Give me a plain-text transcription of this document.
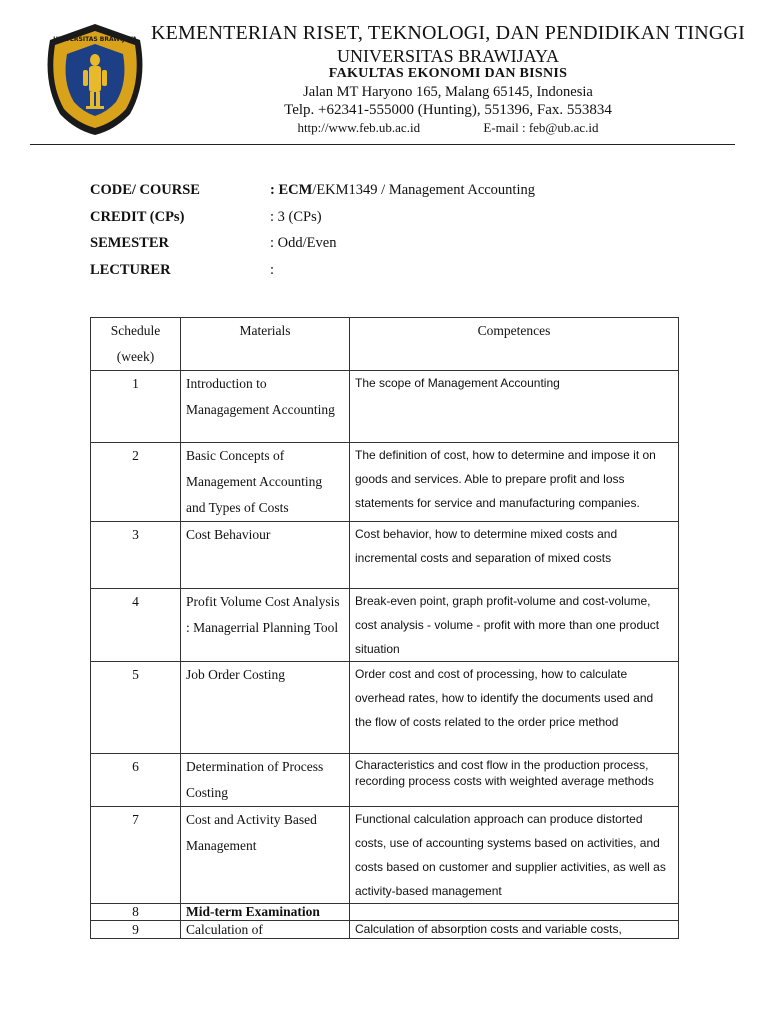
UNIVERSITAS BRAWIJAYA KEMENTERIAN RISET, TEKNOLOGI, DAN PENDIDIKAN TINGGI
UNIVERSITAS BRAWIJAYA
FAKULTAS EKONOMI DAN BISNIS
Jalan MT Haryono 165, Malang 65145, Indonesia
Telp. +62341-555000 (Hunting), 551396, Fax. 553834
http://www.feb.ub.ac.id	E-mail : feb@ub.ac.id
CODE/ COURSE	: ECM/EKM1349 / Management Accounting
CREDIT (CPs)	: 3 (CPs)
SEMESTER	: Odd/Even
LECTURER	:
Schedule (week)	Materials	Competences
1	Introduction to Managagement Accounting	The scope of Management Accounting
2	Basic Concepts of Management Accounting and Types of Costs	The definition of cost, how to determine and impose it on goods and services. Able to prepare profit and loss statements for service and manufacturing companies.
3	Cost Behaviour	Cost behavior, how to determine mixed costs and incremental costs and separation of mixed costs
4	Profit Volume Cost Analysis : Managerrial Planning Tool	Break-even point, graph profit-volume and cost-volume, cost analysis - volume - profit with more than one product situation
5	Job Order Costing	Order cost and cost of processing, how to calculate overhead rates, how to identify the documents used and the flow of costs related to the order price method
6	Determination of Process Costing	Characteristics and cost flow in the production process, recording process costs with weighted average methods
7	Cost and Activity Based Management	Functional calculation approach can produce distorted costs, use of accounting systems based on activities, and costs based on customer and supplier activities, as well as activity-based management
8	Mid-term Examination	
9	Calculation of	Calculation of absorption costs and variable costs,
